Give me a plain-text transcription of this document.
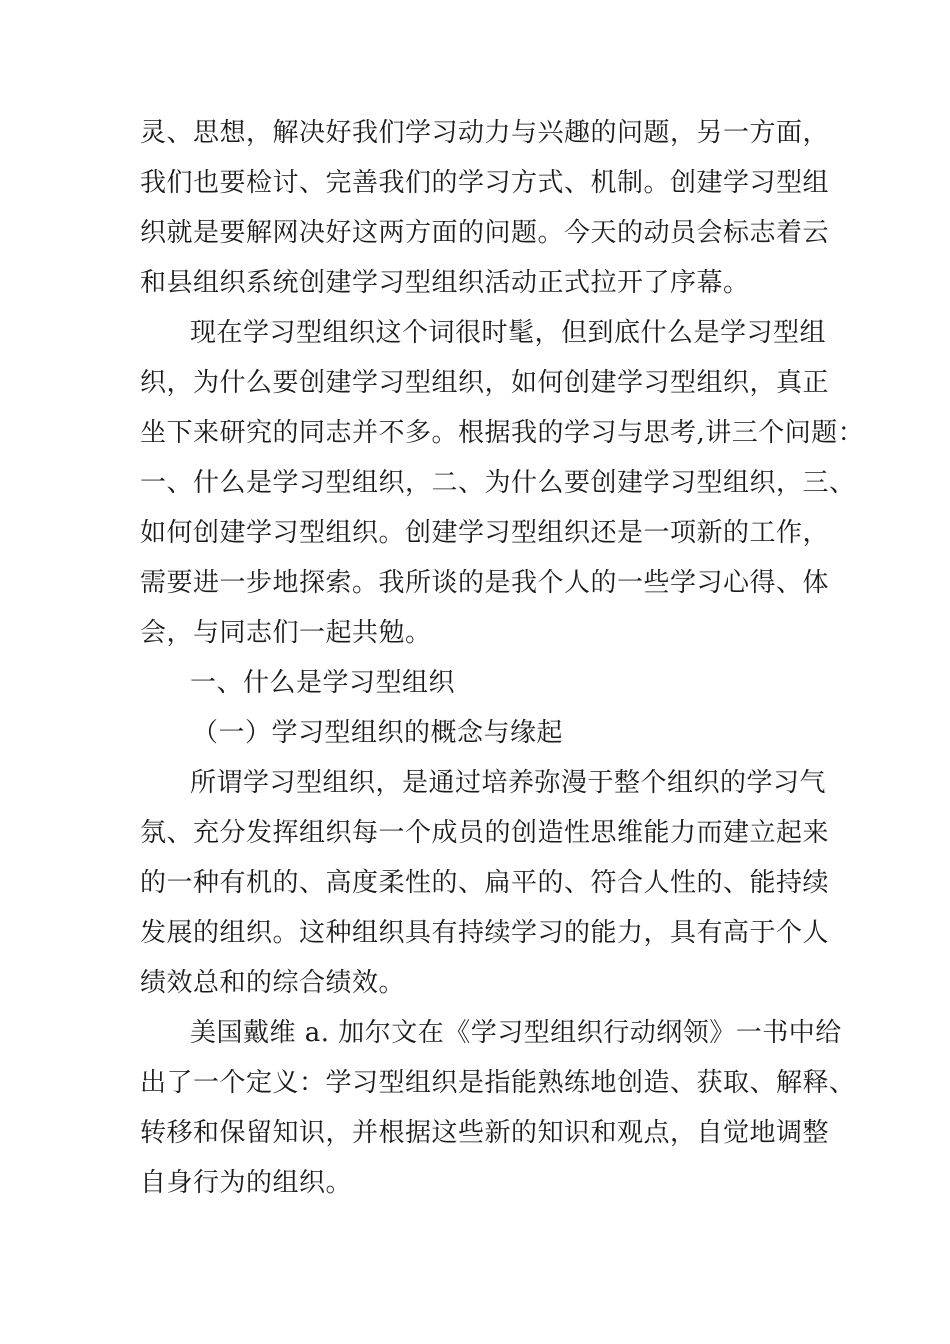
灵、思想，解决好我们学习动力与兴趣的问题，另一方面，
我们也要检讨、完善我们的学习方式、机制。创建学习型组
织就是要解网决好这两方面的问题。今天的动员会标志着云
和县组织系统创建学习型组织活动正式拉开了序幕。
现在学习型组织这个词很时髦，但到底什么是学习型组
织，为什么要创建学习型组织，如何创建学习型组织，真正
坐下来研究的同志并不多。根据我的学习与思考,讲三个问题：
一、什么是学习型组织，二、为什么要创建学习型组织，三、
如何创建学习型组织。创建学习型组织还是一项新的工作，
需要进一步地探索。我所谈的是我个人的一些学习心得、体
会，与同志们一起共勉。
一、什么是学习型组织
（一）学习型组织的概念与缘起
所谓学习型组织，是通过培养弥漫于整个组织的学习气
氛、充分发挥组织每一个成员的创造性思维能力而建立起来
的一种有机的、高度柔性的、扁平的、符合人性的、能持续
发展的组织。这种组织具有持续学习的能力，具有高于个人
绩效总和的综合绩效。
美国戴维 a. 加尔文在《学习型组织行动纲领》一书中给
出了一个定义：学习型组织是指能熟练地创造、获取、解释、
转移和保留知识，并根据这些新的知识和观点，自觉地调整
自身行为的组织。
